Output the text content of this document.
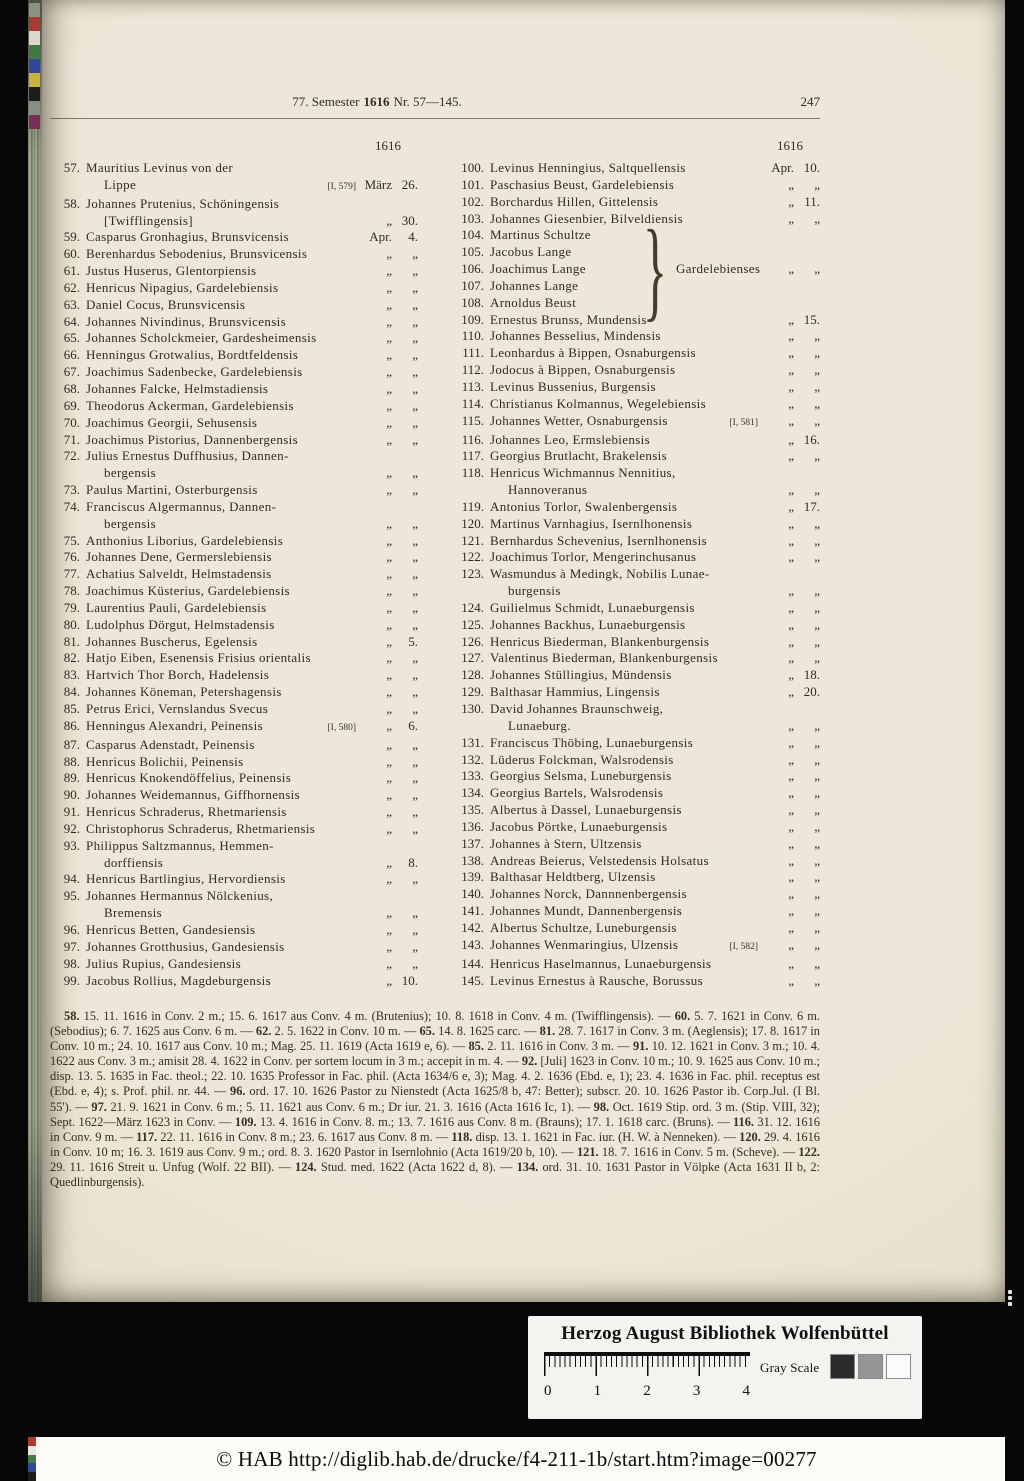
77. Semester 1616 Nr. 57—145.	247
1616	1616
57. Mauritius Levinus von der
Lippe	[I, 579] März 26.
58. Johannes Prutenius, Schöningensis
[Twifflingensis]	„ 30.
59. Casparus Gronhagius, Brunsvicensis	Apr.	4.
60. Berenhardus Sebodenius, Brunsvicensis	„	„
61. Justus Huserus, Glentorpiensis	„	„
62. Henricus Nipagius, Gardelebiensis	„	„
63. Daniel Cocus, Brunsvicensis	„	„
64. Johannes Nivindinus, Brunsvicensis	„	„
65. Johannes Scholckmeier, Gardesheimensis	„	„
66. Henningus Grotwalius, Bordtfeldensis	„	„
67. Joachimus Sadenbecke, Gardelebiensis	„	„
68. Johannes Falcke, Helmstadiensis	„	„
69. Theodorus Ackerman, Gardelebiensis	„	„
70. Joachimus Georgii, Sehusensis	„	„
71. Joachimus Pistorius, Dannenbergensis	„	„
72. Julius Ernestus Duffhusius, Dannen-
bergensis	„	„
73. Paulus Martini, Osterburgensis	„	„
74. Franciscus Algermannus, Dannen-
bergensis	„	„
75. Anthonius Liborius, Gardelebiensis	„	„
76. Johannes Dene, Germerslebiensis	„	„
77. Achatius Salveldt, Helmstadensis	„	„
78. Joachimus Küsterius, Gardelebiensis	„	„
79. Laurentius Pauli, Gardelebiensis	„	„
80. Ludolphus Dörgut, Helmstadensis	„	„
81. Johannes Buscherus, Egelensis	„	5.
82. Hatjo Eiben, Esenensis Frisius orientalis	„	„
83. Hartvich Thor Borch, Hadelensis	„	„
84. Johannes Köneman, Petershagensis	„	„
85. Petrus Erici, Vernslandus Svecus	„	„
86. Henningus Alexandri, Peinensis	[I, 580]	„	6.
87. Casparus Adenstadt, Peinensis	„	„
88. Henricus Bolichii, Peinensis	„	„
89. Henricus Knokendöffelius, Peinensis	„	„
90. Johannes Weidemannus, Giffhornensis	„	„
91. Henricus Schraderus, Rhetmariensis	„	„
92. Christophorus Schraderus, Rhetmariensis	„	„
93. Philippus Saltzmannus, Hemmen-
dorffiensis	„	8.
94. Henricus Bartlingius, Hervordiensis	„	„
95. Johannes Hermannus Nölckenius,
Bremensis	„	„
96. Henricus Betten, Gandesiensis	„	„
97. Johannes Grotthusius, Gandesiensis	„	„
98. Julius Rupius, Gandesiensis	„	„
99. Jacobus Rollius, Magdeburgensis	„ 10.
100. Levinus Henningius, Saltquellensis	Apr. 10.
101. Paschasius Beust, Gardelebiensis	„	„
102. Borchardus Hillen, Gittelensis	„ 11.
103. Johannes Giesenbier, Bilveldiensis	„	„
104. Martinus Schultze
105. Jacobus Lange
106. Joachimus Lange } Gardelebienses	„	„
107. Johannes Lange
108. Arnoldus Beust
109. Ernestus Brunss, Mundensis	„ 15.
110. Johannes Besselius, Mindensis	„	„
111. Leonhardus à Bippen, Osnaburgensis	„	„
112. Jodocus à Bippen, Osnaburgensis	„	„
113. Levinus Bussenius, Burgensis	„	„
114. Christianus Kolmannus, Wegelebiensis	„	„
115. Johannes Wetter, Osnaburgensis	[I, 581]	„	„
116. Johannes Leo, Ermslebiensis	„ 16.
117. Georgius Brutlacht, Brakelensis	„	„
118. Henricus Wichmannus Nennitius,
Hannoveranus	„	„
119. Antonius Torlor, Swalenbergensis	„ 17.
120. Martinus Varnhagius, Isernlhonensis	„	„
121. Bernhardus Schevenius, Isernlhonensis	„	„
122. Joachimus Torlor, Mengerinchusanus	„	„
123. Wasmundus à Medingk, Nobilis Lunae-
burgensis	„	„
124. Guilielmus Schmidt, Lunaeburgensis	„	„
125. Johannes Backhus, Lunaeburgensis	„	„
126. Henricus Biederman, Blankenburgensis	„	„
127. Valentinus Biederman, Blankenburgensis	„	„
128. Johannes Stüllingius, Mündensis	„ 18.
129. Balthasar Hammius, Lingensis	„ 20.
130. David Johannes Braunschweig,
Lunaeburg.	„	„
131. Franciscus Thöbing, Lunaeburgensis	„	„
132. Lüderus Folckman, Walsrodensis	„	„
133. Georgius Selsma, Luneburgensis	„	„
134. Georgius Bartels, Walsrodensis	„	„
135. Albertus à Dassel, Lunaeburgensis	„	„
136. Jacobus Pörtke, Lunaeburgensis	„	„
137. Johannes à Stern, Ultzensis	„	„
138. Andreas Beierus, Velstedensis Holsatus	„	„
139. Balthasar Heldtberg, Ulzensis	„	„
140. Johannes Norck, Dannnenbergensis	„	„
141. Johannes Mundt, Dannenbergensis	„	„
142. Albertus Schultze, Luneburgensis	„	„
143. Johannes Wenmaringius, Ulzensis	[I, 582]	„	„
144. Henricus Haselmannus, Lunaeburgensis	„	„
145. Levinus Ernestus à Rausche, Borussus	„	„
58. 15. 11. 1616 in Conv. 2 m.; 15. 6. 1617 aus Conv. 4 m. (Brutenius); 10. 8. 1618 in Conv. 4 m. (Twifflingensis). — 60. 5. 7. 1621 in Conv. 6 m. (Sebodius); 6. 7. 1625 aus Conv. 6 m. — 62. 2. 5. 1622 in Conv. 10 m. — 65. 14. 8. 1625 carc. — 81. 28. 7. 1617 in Conv. 3 m. (Aeglensis); 17. 8. 1617 in Conv. 10 m.; 24. 10. 1617 aus Conv. 10 m.; Mag. 25. 11. 1619 (Acta 1619 e, 6). — 85. 2. 11. 1616 in Conv. 3 m. — 91. 10. 12. 1621 in Conv. 3 m.; 10. 4. 1622 aus Conv. 3 m.; amisit 28. 4. 1622 in Conv. per sortem locum in 3 m.; accepit in m. 4. — 92. [Juli] 1623 in Conv. 10 m.; 10. 9. 1625 aus Conv. 10 m.; disp. 13. 5. 1635 in Fac. theol.; 22. 10. 1635 Professor in Fac. phil. (Acta 1634/6 e, 3); Mag. 4. 2. 1636 (Ebd. e, 1); 23. 4. 1636 in Fac. phil. receptus est (Ebd. e, 4); s. Prof. phil. nr. 44. — 96. ord. 17. 10. 1626 Pastor zu Nienstedt (Acta 1625/8 b, 47: Better); subscr. 20. 10. 1626 Pastor ib. Corp.Jul. (I Bl. 55'). — 97. 21. 9. 1621 in Conv. 6 m.; 5. 11. 1621 aus Conv. 6 m.; Dr iur. 21. 3. 1616 (Acta 1616 Ic, 1). — 98. Oct. 1619 Stip. ord. 3 m. (Stip. VIII, 32); Sept. 1622—März 1623 in Conv. — 109. 13. 4. 1616 in Conv. 8. m.; 13. 7. 1616 aus Conv. 8 m. (Brauns); 17. 1. 1618 carc. (Bruns). — 116. 31. 12. 1616 in Conv. 9 m. — 117. 22. 11. 1616 in Conv. 8 m.; 23. 6. 1617 aus Conv. 8 m. — 118. disp. 13. 1. 1621 in Fac. iur. (H. W. à Nenneken). — 120. 29. 4. 1616 in Conv. 10 m; 16. 3. 1619 aus Conv. 9 m.; ord. 8. 3. 1620 Pastor in Isernlohnio (Acta 1619/20 b, 10). — 121. 18. 7. 1616 in Conv. 5 m. (Scheve). — 122. 29. 11. 1616 Streit u. Unfug (Wolf. 22 BII). — 124. Stud. med. 1622 (Acta 1622 d, 8). — 134. ord. 31. 10. 1631 Pastor in Völpke (Acta 1631 II b, 2: Quedlinburgensis).
Herzog August Bibliothek Wolfenbüttel
0	1	2	3	4
Gray Scale
© HAB http://diglib.hab.de/drucke/f4-211-1b/start.htm?image=00277
